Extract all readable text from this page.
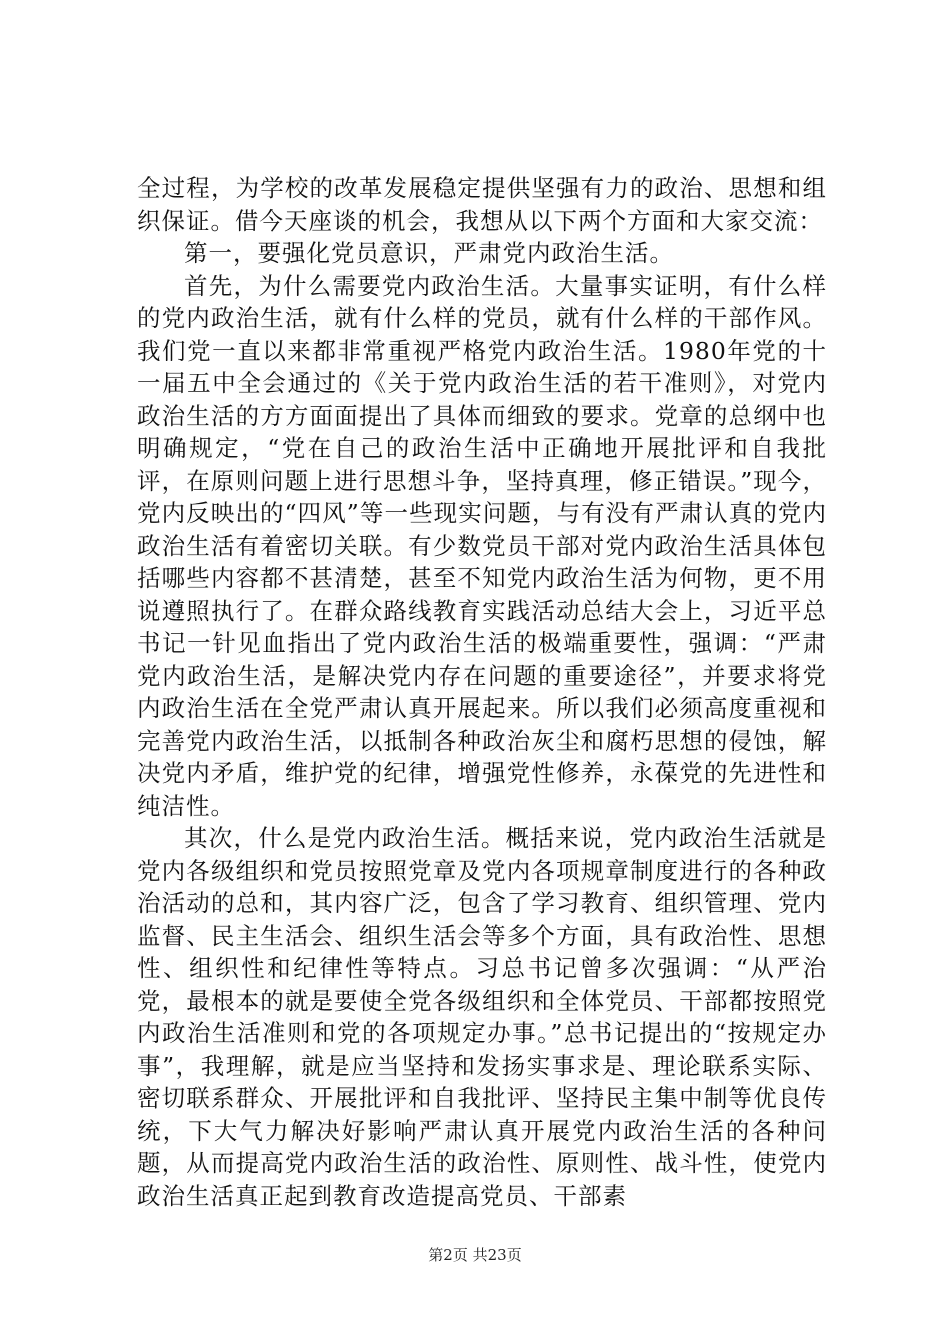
全过程，为学校的改革发展稳定提供坚强有力的政治、思想和组织保证。借今天座谈的机会，我想从以下两个方面和大家交流：

第一，要强化党员意识，严肃党内政治生活。

首先，为什么需要党内政治生活。大量事实证明，有什么样的党内政治生活，就有什么样的党员，就有什么样的干部作风。我们党一直以来都非常重视严格党内政治生活。1980年党的十一届五中全会通过的《关于党内政治生活的若干准则》，对党内政治生活的方方面面提出了具体而细致的要求。党章的总纲中也明确规定，“党在自己的政治生活中正确地开展批评和自我批评，在原则问题上进行思想斗争，坚持真理，修正错误。”现今，党内反映出的“四风”等一些现实问题，与有没有严肃认真的党内政治生活有着密切关联。有少数党员干部对党内政治生活具体包括哪些内容都不甚清楚，甚至不知党内政治生活为何物，更不用说遵照执行了。在群众路线教育实践活动总结大会上，习近平总书记一针见血指出了党内政治生活的极端重要性，强调：“严肃党内政治生活，是解决党内存在问题的重要途径”，并要求将党内政治生活在全党严肃认真开展起来。所以我们必须高度重视和完善党内政治生活，以抵制各种政治灰尘和腐朽思想的侵蚀，解决党内矛盾，维护党的纪律，增强党性修养，永葆党的先进性和纯洁性。

其次，什么是党内政治生活。概括来说，党内政治生活就是党内各级组织和党员按照党章及党内各项规章制度进行的各种政治活动的总和，其内容广泛，包含了学习教育、组织管理、党内监督、民主生活会、组织生活会等多个方面，具有政治性、思想性、组织性和纪律性等特点。习总书记曾多次强调：“从严治党，最根本的就是要使全党各级组织和全体党员、干部都按照党内政治生活准则和党的各项规定办事。”总书记提出的“按规定办事”，我理解，就是应当坚持和发扬实事求是、理论联系实际、密切联系群众、开展批评和自我批评、坚持民主集中制等优良传统，下大气力解决好影响严肃认真开展党内政治生活的各种问题，从而提高党内政治生活的政治性、原则性、战斗性，使党内政治生活真正起到教育改造提高党员、干部素

第2页 共23页
